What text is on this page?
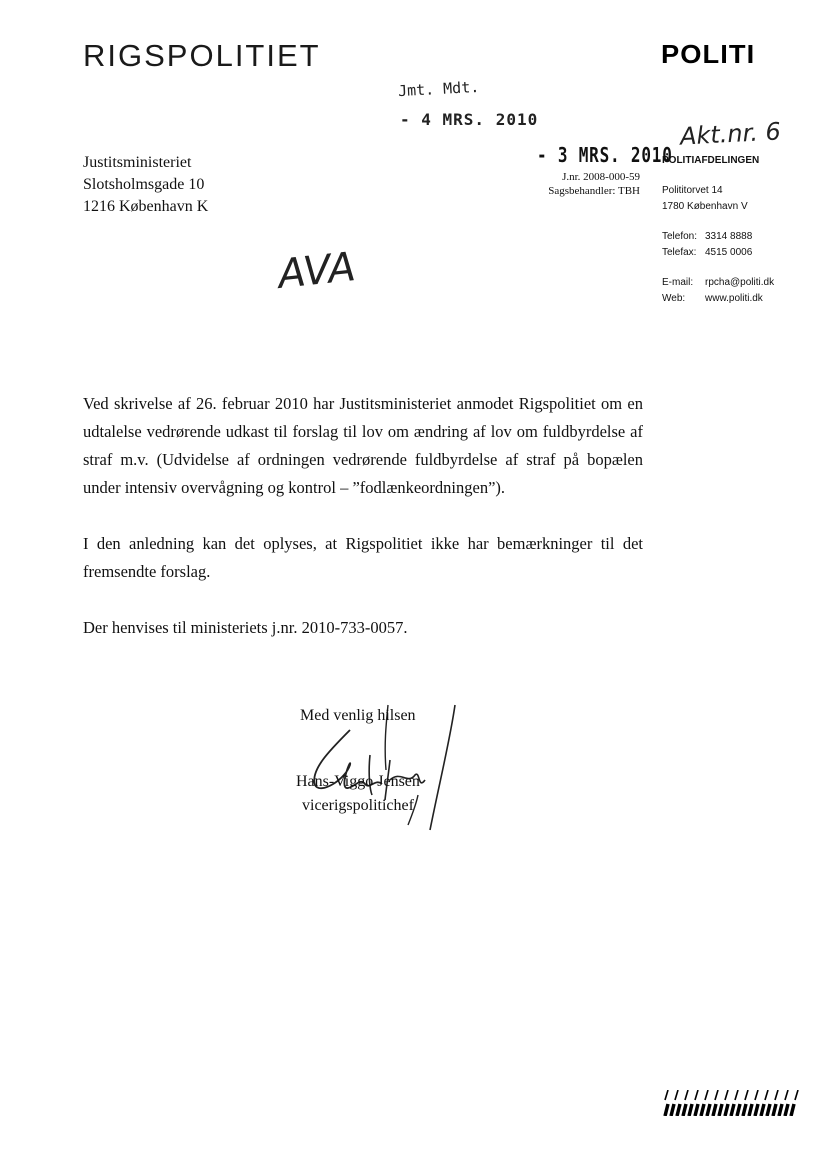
RIGSPOLITIET	POLITI
Jmt. Mdt.
- 4 MRS. 2010
- 3 MRS. 2010
J.nr. 2008-000-59
Sagsbehandler: TBH
Akt.nr. 6
Justitsministeriet
Slotsholmsgade 10
1216 København K
POLITIAFDELINGEN
Polititorvet 14
1780 København V
Telefon: 3314 8888
Telefax: 4515 0006
E-mail: rpcha@politi.dk
Web: www.politi.dk
AVA

Ved skrivelse af 26. februar 2010 har Justitsministeriet anmodet Rigspolitiet om en udtalelse vedrørende udkast til forslag til lov om ændring af lov om fuldbyrdelse af straf m.v. (Udvidelse af ordningen vedrørende fuldbyrdelse af straf på bopælen under intensiv overvågning og kontrol – ”fodlænkeordningen”).

I den anledning kan det oplyses, at Rigspolitiet ikke har bemærkninger til det fremsendte forslag.

Der henvises til ministeriets j.nr. 2010-733-0057.

Med venlig hilsen
Hans-Viggo Jensen
vicerigspolitichef
